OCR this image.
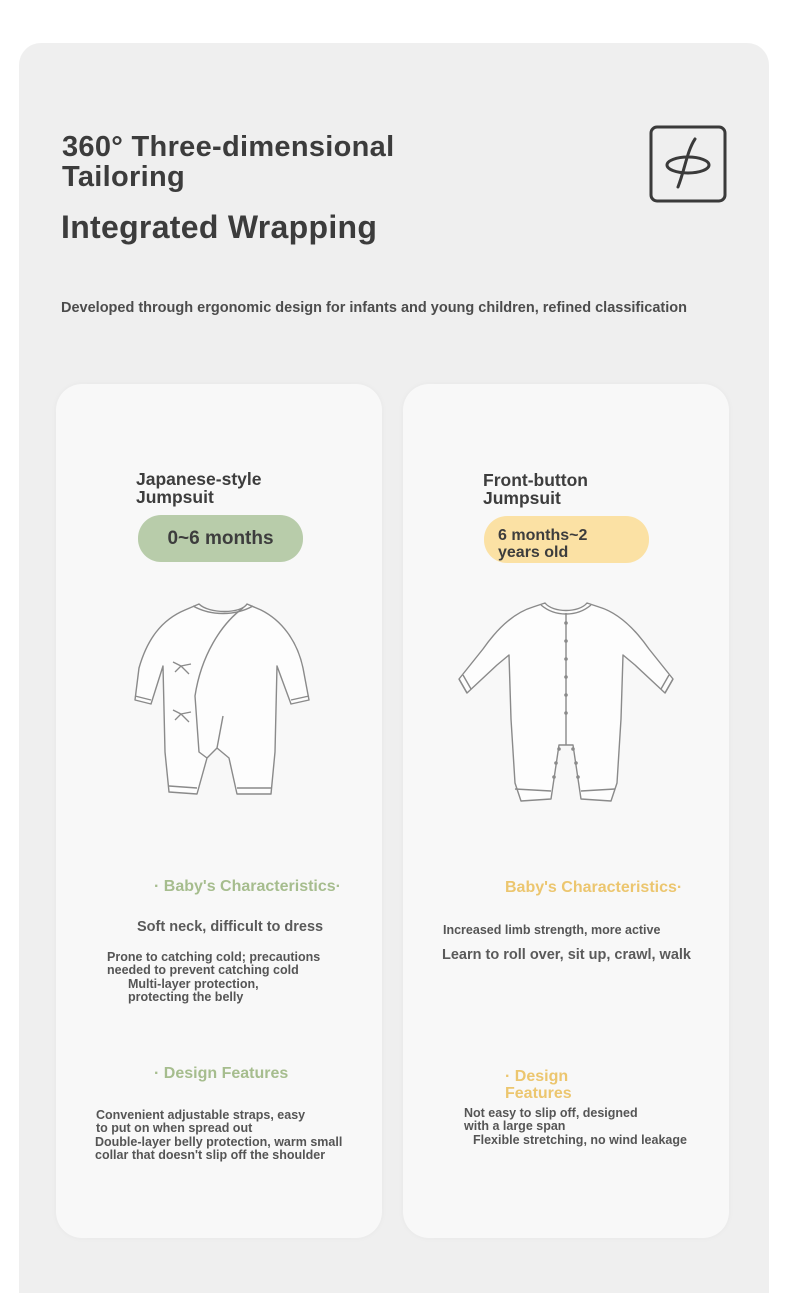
360° Three-dimensional
Tailoring
Integrated Wrapping

Developed through ergonomic design for infants and young children, refined classification

Japanese-style
Jumpsuit

0~6 months

· Baby's Characteristics·

Soft neck, difficult to dress

Prone to catching cold; precautions
needed to prevent catching cold

Multi-layer protection,
protecting the belly

· Design Features

Convenient adjustable straps, easy
to put on when spread out

Double-layer belly protection, warm small
collar that doesn't slip off the shoulder

Front-button
Jumpsuit

6 months~2
years old

Baby's Characteristics·

Increased limb strength, more active

Learn to roll over, sit up, crawl, walk

· Design
Features

Not easy to slip off, designed
with a large span

Flexible stretching, no wind leakage
